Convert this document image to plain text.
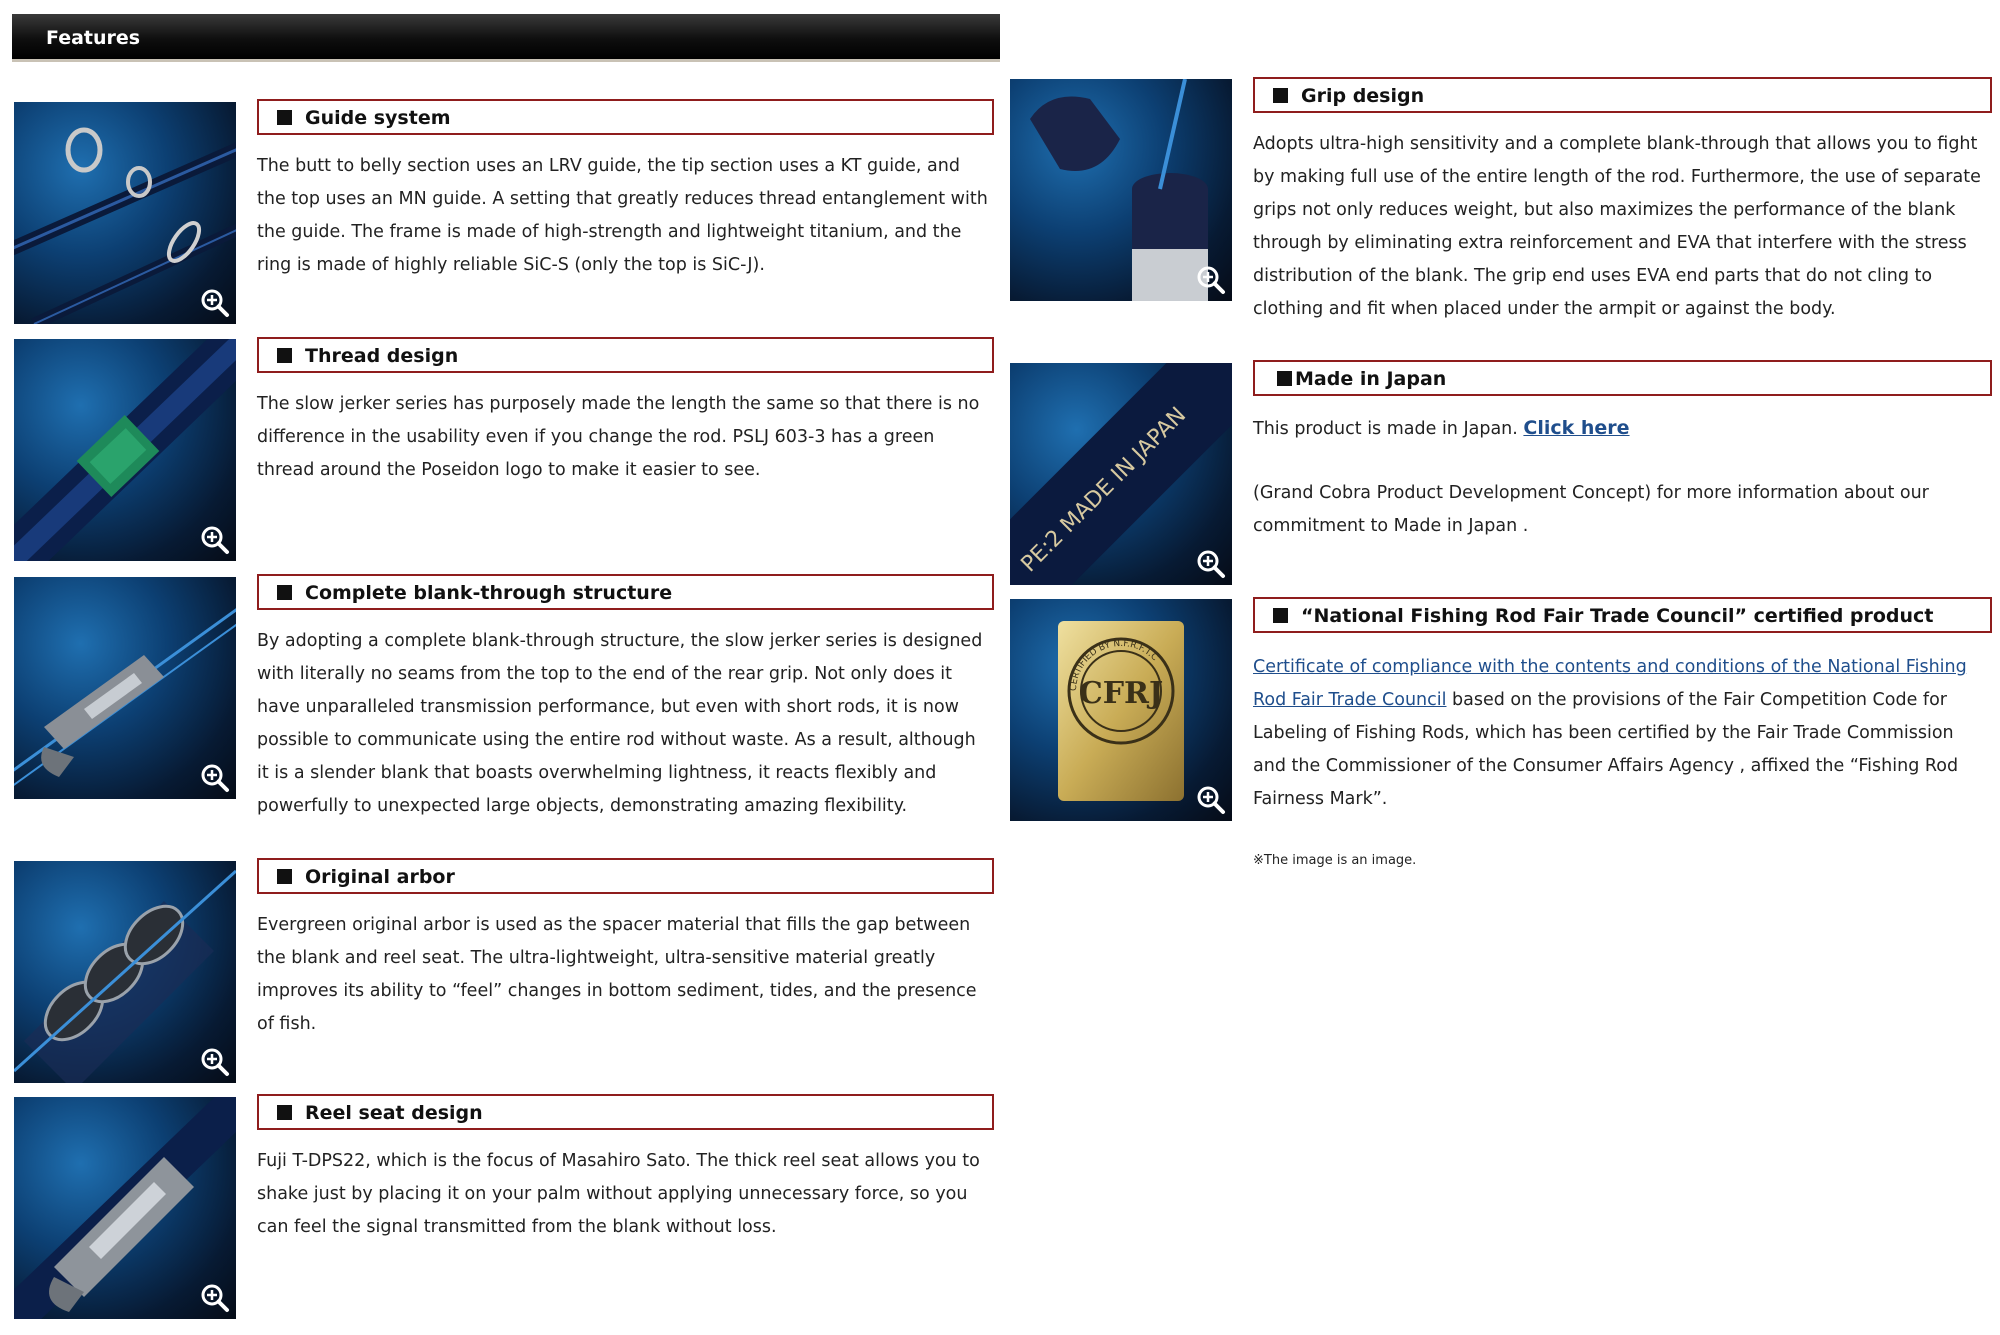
Features
Guide system

The butt to belly section uses an LRV guide, the tip section uses a KT guide, and the top uses an MN guide. A setting that greatly reduces thread entanglement with the guide. The frame is made of high-strength and lightweight titanium, and the ring is made of highly reliable SiC-S (only the top is SiC-J).

Thread design

The slow jerker series has purposely made the length the same so that there is no difference in the usability even if you change the rod. PSLJ 603-3 has a green thread around the Poseidon logo to make it easier to see.

Complete blank-through structure

By adopting a complete blank-through structure, the slow jerker series is designed with literally no seams from the top to the end of the rear grip. Not only does it have unparalleled transmission performance, but even with short rods, it is now possible to communicate using the entire rod without waste. As a result, although it is a slender blank that boasts overwhelming lightness, it reacts flexibly and powerfully to unexpected large objects, demonstrating amazing flexibility.

Original arbor

Evergreen original arbor is used as the spacer material that fills the gap between the blank and reel seat. The ultra-lightweight, ultra-sensitive material greatly improves its ability to “feel” changes in bottom sediment, tides, and the presence of fish.

Reel seat design

Fuji T-DPS22, which is the focus of Masahiro Sato. The thick reel seat allows you to shake just by placing it on your palm without applying unnecessary force, so you can feel the signal transmitted from the blank without loss.

Grip design

Adopts ultra-high sensitivity and a complete blank-through that allows you to fight by making full use of the entire length of the rod. Furthermore, the use of separate grips not only reduces weight, but also maximizes the performance of the blank through by eliminating extra reinforcement and EVA that interfere with the stress distribution of the blank. The grip end uses EVA end parts that do not cling to clothing and fit when placed under the armpit or against the body.

PE:2 MADE IN JAPAN
Made in Japan

This product is made in Japan. Click here

(Grand Cobra Product Development Concept) for more information about our commitment to Made in Japan .

CERTIFIED BY N.F.R.F.T.C
CFRJ
“National Fishing Rod Fair Trade Council” certified product

Certificate of compliance with the contents and conditions of the National Fishing Rod Fair Trade Council based on the provisions of the Fair Competition Code for Labeling of Fishing Rods, which has been certified by the Fair Trade Commission and the Commissioner of the Consumer Affairs Agency , affixed the “Fishing Rod Fairness Mark”.

※The image is an image.
